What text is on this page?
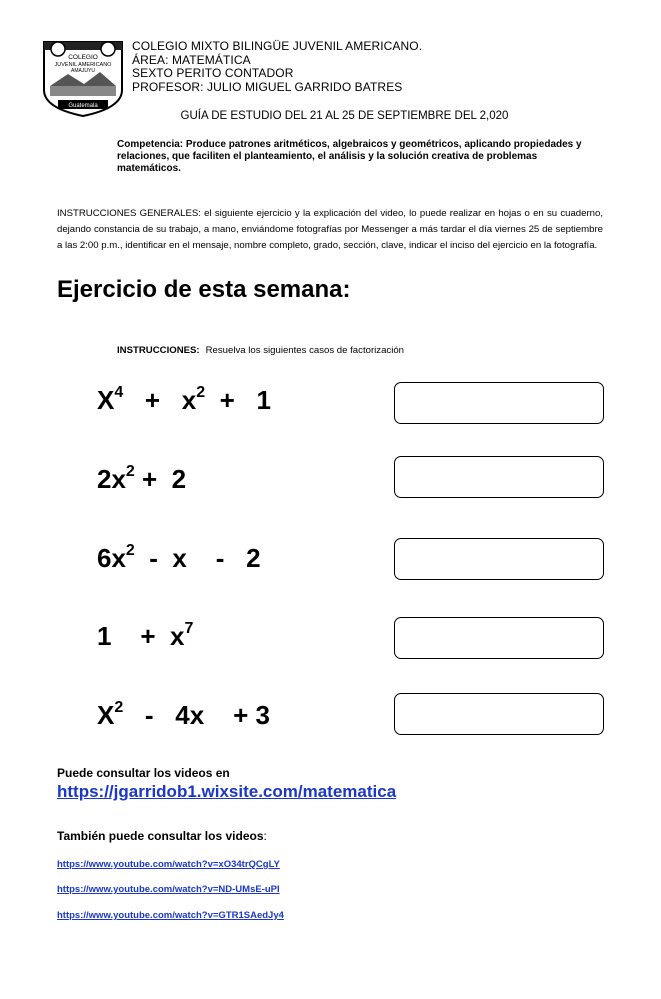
COLEGIO
JUVENIL AMERICANO
AMAJUYU
Guatemala
COLEGIO MIXTO BILINGÜE JUVENIL AMERICANO.
ÁREA: MATEMÁTICA
SEXTO PERITO CONTADOR
PROFESOR: JULIO MIGUEL GARRIDO BATRES
GUÍA DE ESTUDIO DEL 21 AL 25 DE SEPTIEMBRE DEL 2,020
Competencia: Produce patrones aritméticos, algebraicos y geométricos, aplicando propiedades y relaciones, que faciliten el planteamiento, el análisis y la solución creativa de problemas matemáticos.
INSTRUCCIONES GENERALES: el siguiente ejercicio y la explicación del video, lo puede realizar en hojas o en su cuaderno, dejando constancia de su trabajo, a mano, enviándome fotografías por Messenger a más tardar el día viernes 25 de septiembre a las 2:00 p.m., identificar en el mensaje, nombre completo, grado, sección, clave, indicar el inciso del ejercicio en la fotografía.
Ejercicio de esta semana:
INSTRUCCIONES: Resuelva los siguientes casos de factorización
$X^4 + x^2 + 1$
$2x^2 + 2$
$6x^2$  -  x    -   2
1    +  $x^7$
$X^2 - 4x$    + 3
Puede consultar los videos en
https://jgarridob1.wixsite.com/matematica
También puede consultar los videos:
https://www.youtube.com/watch?v=xO34trQCgLY
https://www.youtube.com/watch?v=ND-UMsE-uPI
https://www.youtube.com/watch?v=GTR1SAedJy4
